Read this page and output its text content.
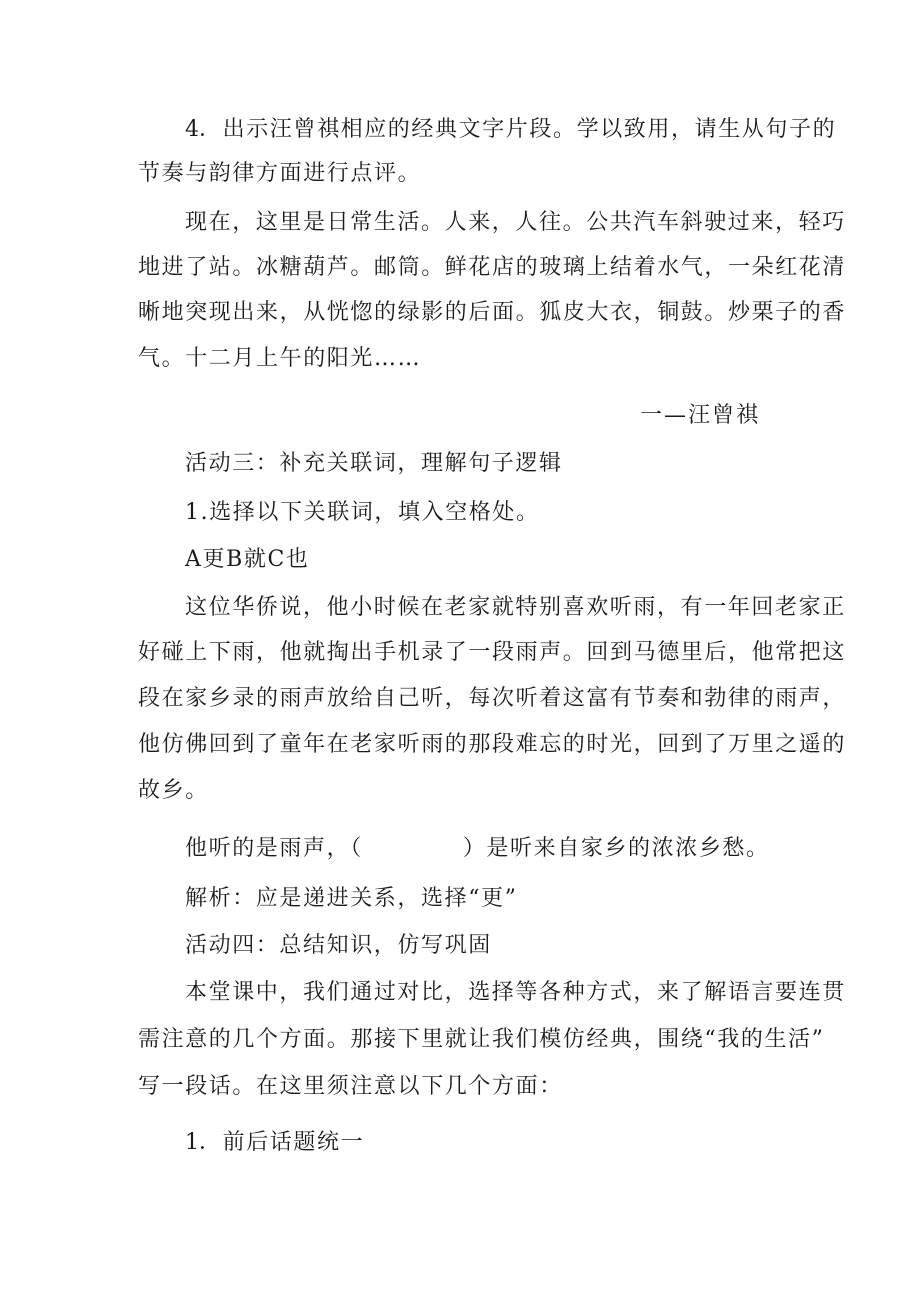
4．出示汪曾祺相应的经典文字片段。学以致用，请生从句子的
节奏与韵律方面进行点评。
现在，这里是日常生活。人来，人往。公共汽车斜驶过来，轻巧
地进了站。冰糖葫芦。邮筒。鲜花店的玻璃上结着水气，一朵红花清
晰地突现出来，从恍惚的绿影的后面。狐皮大衣，铜鼓。炒栗子的香
气。十二月上午的阳光……
一—汪曾祺
活动三：补充关联词，理解句子逻辑
1.选择以下关联词，填入空格处。
A更B就C也
这位华侨说，他小时候在老家就特别喜欢听雨，有一年回老家正
好碰上下雨，他就掏出手机录了一段雨声。回到马德里后，他常把这
段在家乡录的雨声放给自己听，每次听着这富有节奏和勃律的雨声，
他仿佛回到了童年在老家听雨的那段难忘的时光，回到了万里之遥的
故乡。
他听的是雨声，（	）是听来自家乡的浓浓乡愁。
解析：应是递进关系，选择“更”
活动四：总结知识，仿写巩固
本堂课中，我们通过对比，选择等各种方式，来了解语言要连贯
需注意的几个方面。那接下里就让我们模仿经典，围绕“我的生活”
写一段话。在这里须注意以下几个方面：
1．前后话题统一
